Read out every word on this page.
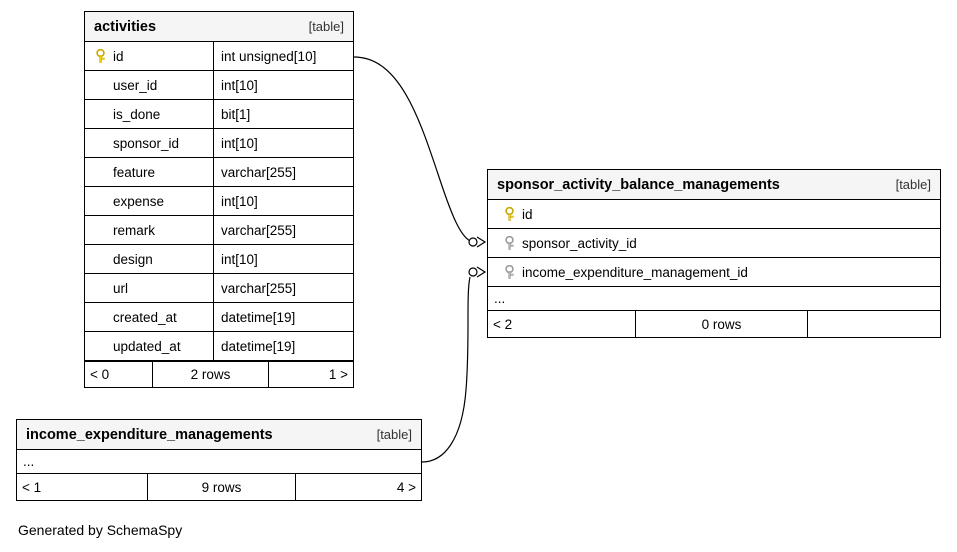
activities	[table]
id	int unsigned[10]
user_id	int[10]
is_done	bit[1]
sponsor_id	int[10]
feature	varchar[255]
expense	int[10]
remark	varchar[255]
design	int[10]
url	varchar[255]
created_at	datetime[19]
updated_at	datetime[19]
< 0	2 rows	1 >
sponsor_activity_balance_managements	[table]
id
sponsor_activity_id
income_expenditure_management_id
...
< 2	0 rows
income_expenditure_managements	[table]
...
< 1	9 rows	4 >
Generated by SchemaSpy
